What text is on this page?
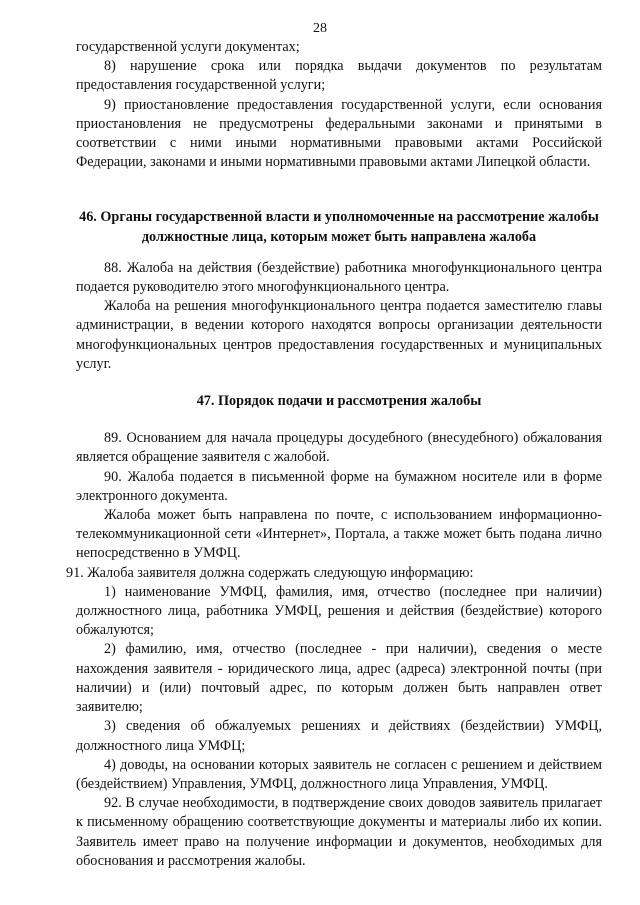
28

государственной услуги документах;

8) нарушение срока или порядка выдачи документов по результатам предоставления государственной услуги;

9) приостановление предоставления государственной услуги, если основания приостановления не предусмотрены федеральными законами и принятыми в соответствии с ними иными нормативными правовыми актами Российской Федерации, законами и иными нормативными правовыми актами Липецкой области.

46. Органы государственной власти и уполномоченные на рассмотрение жалобы должностные лица, которым может быть направлена жалоба

88. Жалоба на действия (бездействие) работника многофункционального центра подается руководителю этого многофункционального центра.

Жалоба на решения многофункционального центра подается заместителю главы администрации, в ведении которого находятся вопросы организации деятельности многофункциональных центров предоставления государственных и муниципальных услуг.

47. Порядок подачи и рассмотрения жалобы

89. Основанием для начала процедуры досудебного (внесудебного) обжалования является обращение заявителя с жалобой.

90. Жалоба подается в письменной форме на бумажном носителе или в форме электронного документа.

Жалоба может быть направлена по почте, с использованием информационно-телекоммуникационной сети «Интернет», Портала, а также может быть подана лично непосредственно в УМФЦ.

91. Жалоба заявителя должна содержать следующую информацию:

1) наименование УМФЦ, фамилия, имя, отчество (последнее при наличии) должностного лица, работника УМФЦ, решения и действия (бездействие) которого обжалуются;

2) фамилию, имя, отчество (последнее - при наличии), сведения о месте нахождения заявителя - юридического лица, адрес (адреса) электронной почты (при наличии) и (или) почтовый адрес, по которым должен быть направлен ответ заявителю;

3) сведения об обжалуемых решениях и действиях (бездействии) УМФЦ, должностного лица УМФЦ;

4) доводы, на основании которых заявитель не согласен с решением и действием (бездействием) Управления, УМФЦ, должностного лица Управления, УМФЦ.

92. В случае необходимости, в подтверждение своих доводов заявитель прилагает к письменному обращению соответствующие документы и материалы либо их копии. Заявитель имеет право на получение информации и документов, необходимых для обоснования и рассмотрения жалобы.
